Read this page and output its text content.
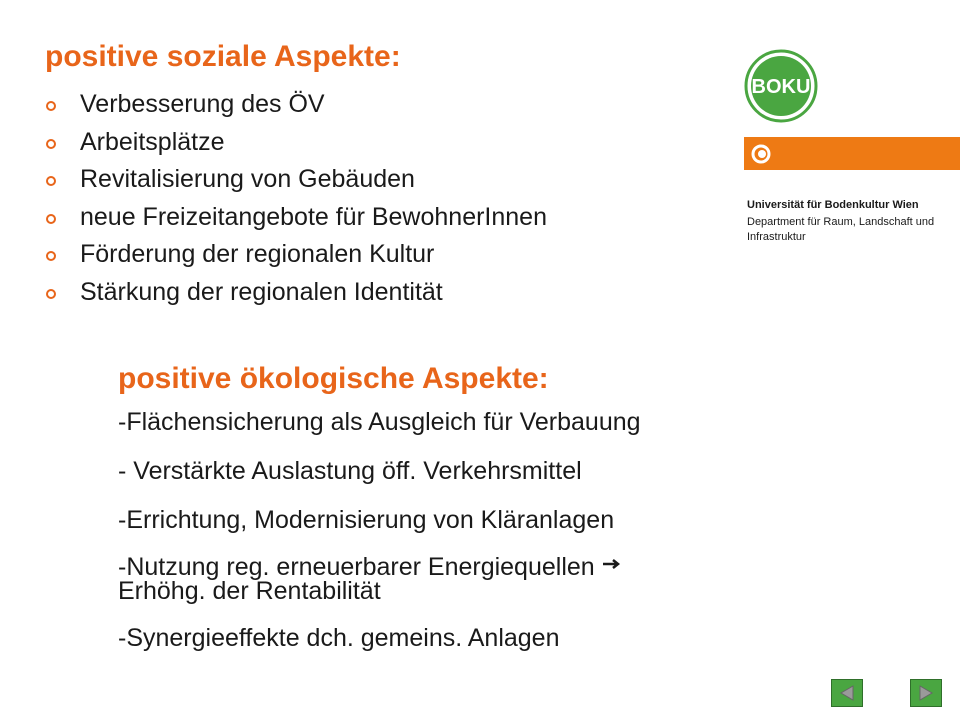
positive soziale Aspekte:
Verbesserung des ÖV
Arbeitsplätze
Revitalisierung von Gebäuden
neue Freizeitangebote für BewohnerInnen
Förderung der regionalen Kultur
Stärkung der regionalen Identität
BOKU
Universität für Bodenkultur Wien
Department für Raum, Landschaft und Infrastruktur
positive ökologische Aspekte:
-Flächensicherung als Ausgleich für Verbauung
- Verstärkte Auslastung öff. Verkehrsmittel
-Errichtung, Modernisierung von Kläranlagen
-Nutzung reg. erneuerbarer Energiequellen
Erhöhg. der Rentabilität
-Synergieeffekte dch. gemeins. Anlagen
